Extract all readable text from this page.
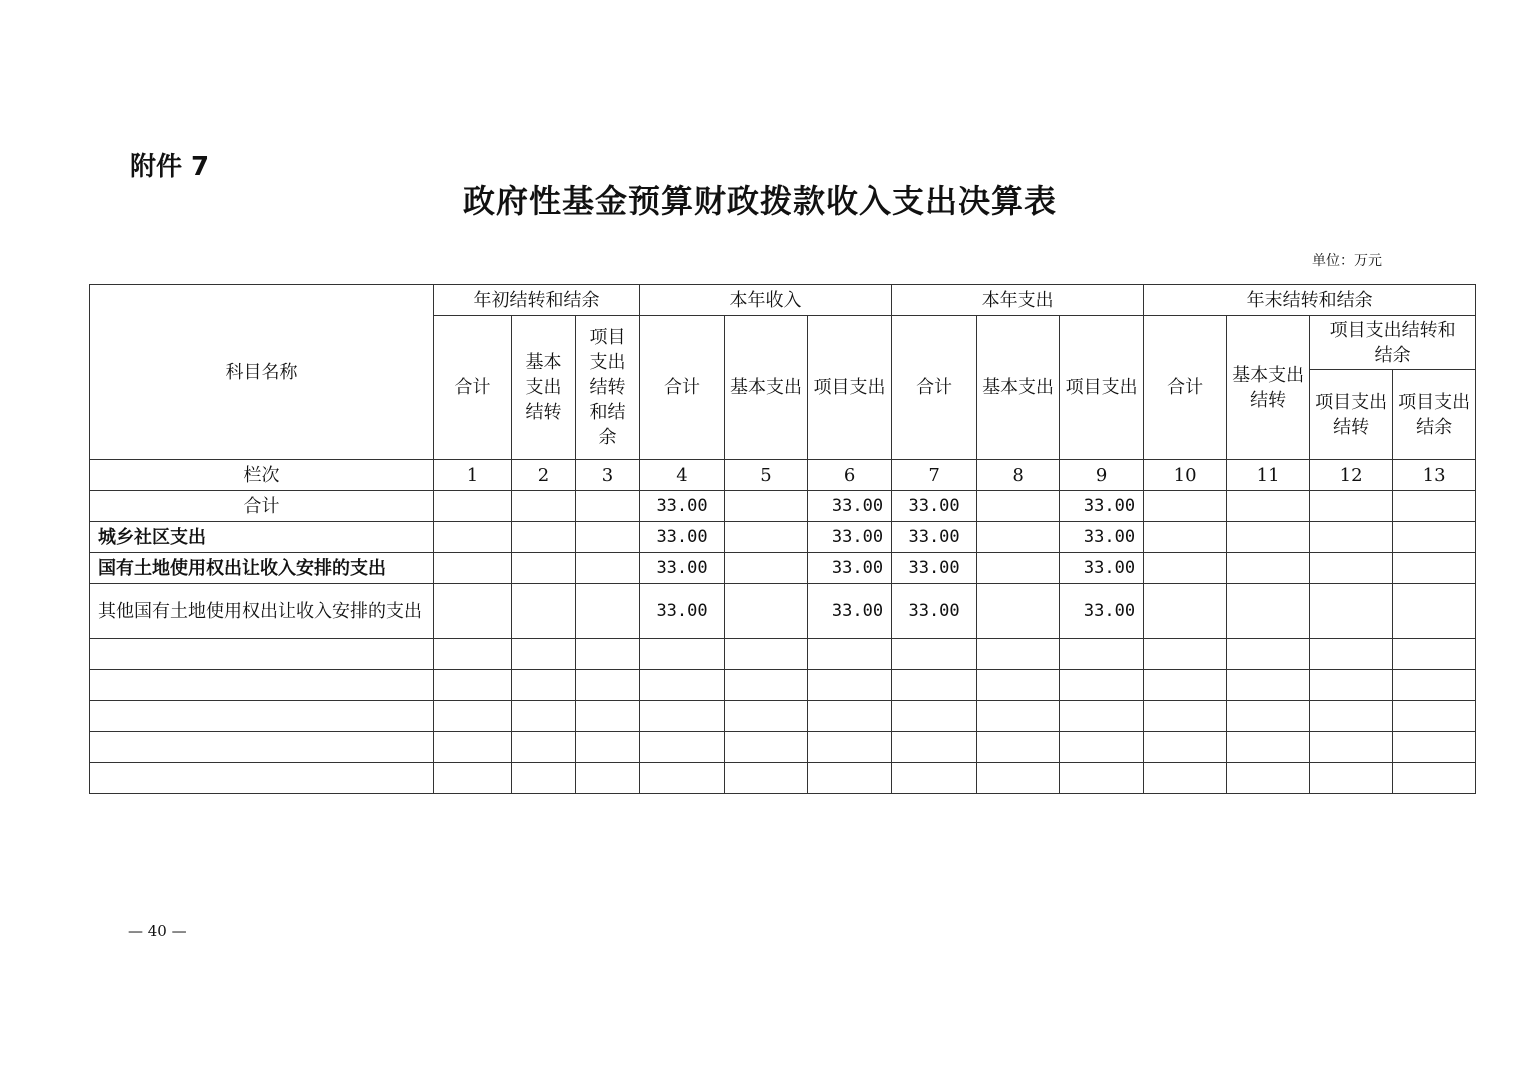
附件 7
政府性基金预算财政拨款收入支出决算表
单位：万元
科目名称	年初结转和结余			本年收入			本年支出			年末结转和结余			
	合计	基本支出结转	项目支出结转和结余	合计	基本支出	项目支出	合计	基本支出	项目支出	合计	基本支出结转	项目支出结转和结余	

												项目支出结转	项目支出结余

栏次	1	2	3	4	5	6	7	8	9	10	11	12	13
合计				33.00		33.00	33.00		33.00				
城乡社区支出				33.00		33.00	33.00		33.00				
国有土地使用权出让收入安排的支出				33.00		33.00	33.00		33.00				
其他国有土地使用权出让收入安排的支出				33.00		33.00	33.00		33.00				

— 40 —
